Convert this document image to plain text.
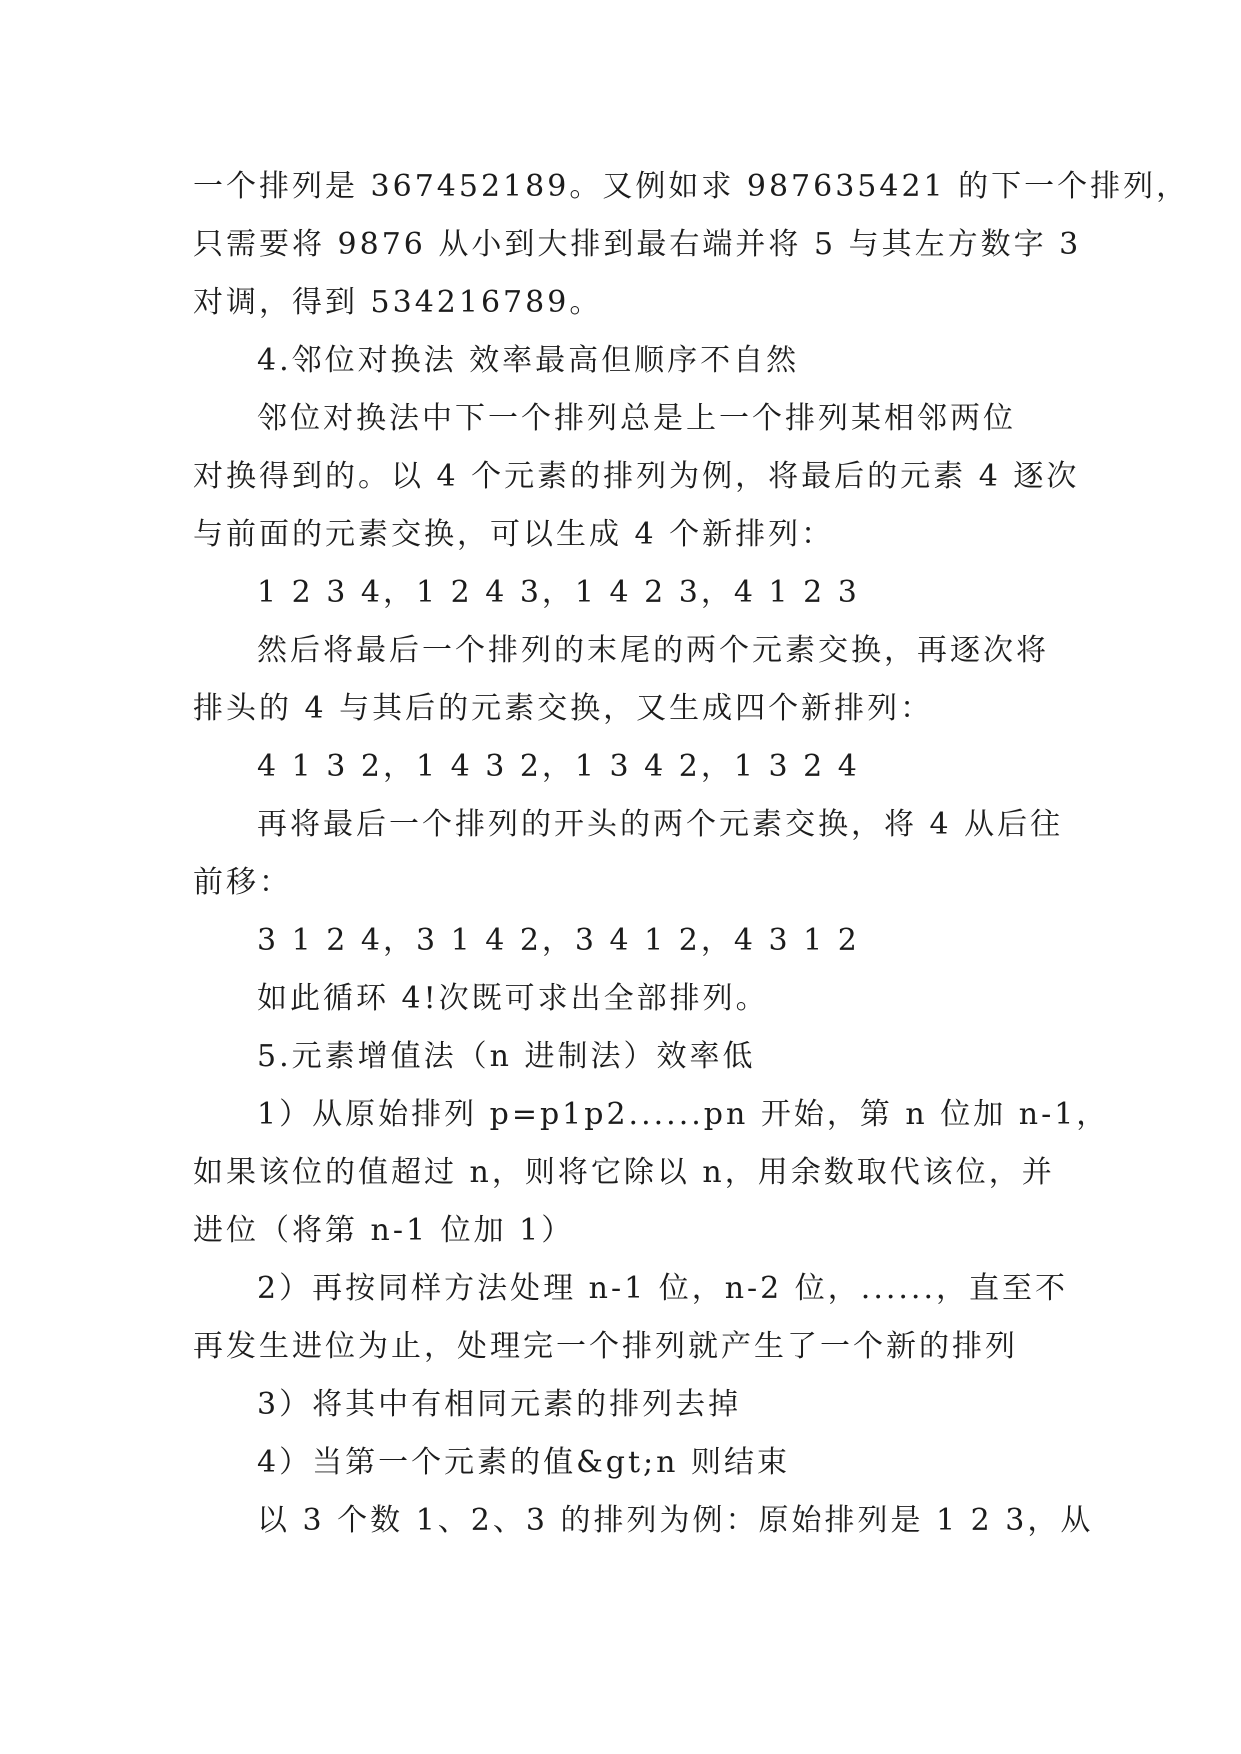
一个排列是 367452189。又例如求 987635421 的下一个排列，
只需要将 9876 从小到大排到最右端并将 5 与其左方数字 3
对调，得到 534216789。
4.邻位对换法 效率最高但顺序不自然
邻位对换法中下一个排列总是上一个排列某相邻两位
对换得到的。以 4 个元素的排列为例，将最后的元素 4 逐次
与前面的元素交换，可以生成 4 个新排列：
1 2 3 4，1 2 4 3，1 4 2 3，4 1 2 3
然后将最后一个排列的末尾的两个元素交换，再逐次将
排头的 4 与其后的元素交换，又生成四个新排列：
4 1 3 2，1 4 3 2，1 3 4 2，1 3 2 4
再将最后一个排列的开头的两个元素交换，将 4 从后往
前移：
3 1 2 4，3 1 4 2，3 4 1 2，4 3 1 2
如此循环 4!次既可求出全部排列。
5.元素增值法（n 进制法）效率低
1）从原始排列 p=p1p2......pn 开始，第 n 位加 n-1，
如果该位的值超过 n，则将它除以 n，用余数取代该位，并
进位（将第 n-1 位加 1）
2）再按同样方法处理 n-1 位，n-2 位，......，直至不
再发生进位为止，处理完一个排列就产生了一个新的排列
3）将其中有相同元素的排列去掉
4）当第一个元素的值&gt;n 则结束
以 3 个数 1、2、3 的排列为例：原始排列是 1 2 3，从
